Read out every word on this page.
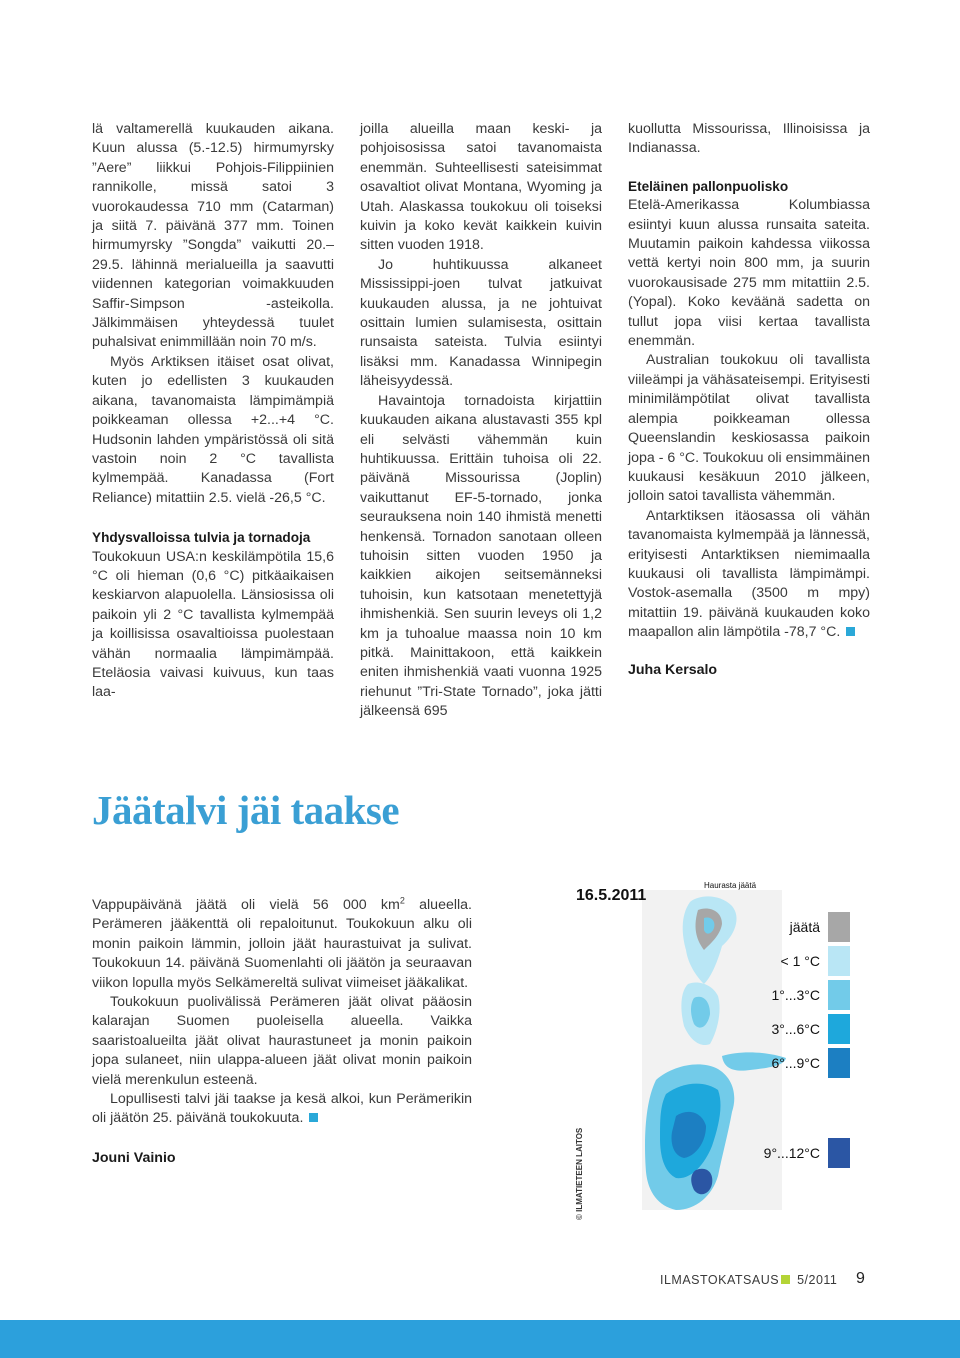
lä valtamerellä kuukauden aikana. Kuun alussa (5.-12.5) hirmumyrsky ”Aere” liikkui Pohjois-Filippiinien rannikolle, missä satoi 3 vuorokaudessa 710 mm (Catarman) ja siitä 7. päivänä 377 mm. Toinen hirmumyrsky ”Songda” vaikutti 20.–29.5. lähinnä merialueilla ja saavutti viidennen kategorian voimakkuuden Saffir-Simpson -asteikolla. Jälkimmäisen yhteydessä tuulet puhalsivat enimmillään noin 70 m/s.

Myös Arktiksen itäiset osat olivat, kuten jo edellisten 3 kuukauden aikana, tavanomaista lämpimämpiä poikkeaman ollessa +2...+4 °C. Hudsonin lahden ympäristössä oli sitä vastoin noin 2 °C tavallista kylmempää. Kanadassa (Fort Reliance) mitattiin 2.5. vielä -26,5 °C.

Yhdysvalloissa tulvia ja tornadoja

Toukokuun USA:n keskilämpötila 15,6 °C oli hieman (0,6 °C) pitkäaikaisen keskiarvon alapuolella. Länsiosissa oli paikoin yli 2 °C tavallista kylmempää ja koillisissa osavaltioissa puolestaan vähän normaalia lämpimämpää. Eteläosia vaivasi kuivuus, kun taas laa-

joilla alueilla maan keski- ja pohjoisosissa satoi tavanomaista enemmän. Suhteellisesti sateisimmat osavaltiot olivat Montana, Wyoming ja Utah. Alaskassa toukokuu oli toiseksi kuivin ja koko kevät kaikkein kuivin sitten vuoden 1918.

Jo huhtikuussa alkaneet Mississippi-joen tulvat jatkuivat kuukauden alussa, ja ne johtuivat osittain lumien sulamisesta, osittain runsaista sateista. Tulvia esiintyi lisäksi mm. Kanadassa Winnipegin läheisyydessä.

Havaintoja tornadoista kirjattiin kuukauden aikana alustavasti 355 kpl eli selvästi vähemmän kuin huhtikuussa. Erittäin tuhoisa oli 22. päivänä Missourissa (Joplin) vaikuttanut EF-5-tornado, jonka seurauksena noin 140 ihmistä menetti henkensä. Tornadon sanotaan olleen tuhoisin sitten vuoden 1950 ja kaikkien aikojen seitsemänneksi tuhoisin, kun katsotaan menetettyjä ihmishenkiä. Sen suurin leveys oli 1,2 km ja tuhoalue maassa noin 10 km pitkä. Mainittakoon, että kaikkein eniten ihmishenkiä vaati vuonna 1925 riehunut ”Tri-State Tornado”, joka jätti jälkeensä 695

kuollutta Missourissa, Illinoisissa ja Indianassa.

Eteläinen pallonpuolisko

Etelä-Amerikassa Kolumbiassa esiintyi kuun alussa runsaita sateita. Muutamin paikoin kahdessa viikossa vettä kertyi noin 800 mm, ja suurin vuorokausisade 275 mm mitattiin 2.5. (Yopal). Koko keväänä sadetta on tullut jopa viisi kertaa tavallista enemmän.

Australian toukokuu oli tavallista viileämpi ja vähäsateisempi. Erityisesti minimilämpötilat olivat tavallista alempia poikkeaman ollessa Queenslandin keskiosassa paikoin jopa - 6 °C. Toukokuu oli ensimmäinen kuukausi kesäkuun 2010 jälkeen, jolloin satoi tavallista vähemmän.

Antarktiksen itäosassa oli vähän tavanomaista kylmempää ja lännessä, erityisesti Antarktiksen niemimaalla kuukausi oli tavallista lämpimämpi. Vostok-asemalla (3500 m mpy) mitattiin 19. päivänä kuukauden koko maapallon alin lämpötila -78,7 °C.

Juha Kersalo

Jäätalvi jäi taakse

Vappupäivänä jäätä oli vielä 56 000 $km^2$ alueella. Perämeren jääkenttä oli repaloitunut. Toukokuun alku oli monin paikoin lämmin, jolloin jäät haurastuivat ja sulivat. Toukokuun 14. päivänä Suomenlahti oli jäätön ja seuraavan viikon lopulla myös Selkämereltä sulivat viimeiset jääkalikat.

Toukokuun puolivälissä Perämeren jäät olivat pääosin kalarajan Suomen puoleisella alueella. Vaikka saaristoalueilta jäät olivat haurastuneet ja monin paikoin jopa sulaneet, niin ulappa-alueen jäät olivat monin paikoin vielä merenkulun esteenä.

Lopullisesti talvi jäi taakse ja kesä alkoi, kun Perämerikin oli jäätön 25. päivänä toukokuuta.

Jouni Vainio

16.5.2011
Haurasta jäätä
© ILMATIETEEN LAITOS
jäätä
< 1 °C
1°...3°C
3°...6°C
6°...9°C
9°...12°C
ILMASTOKATSAUS 5/2011 9
